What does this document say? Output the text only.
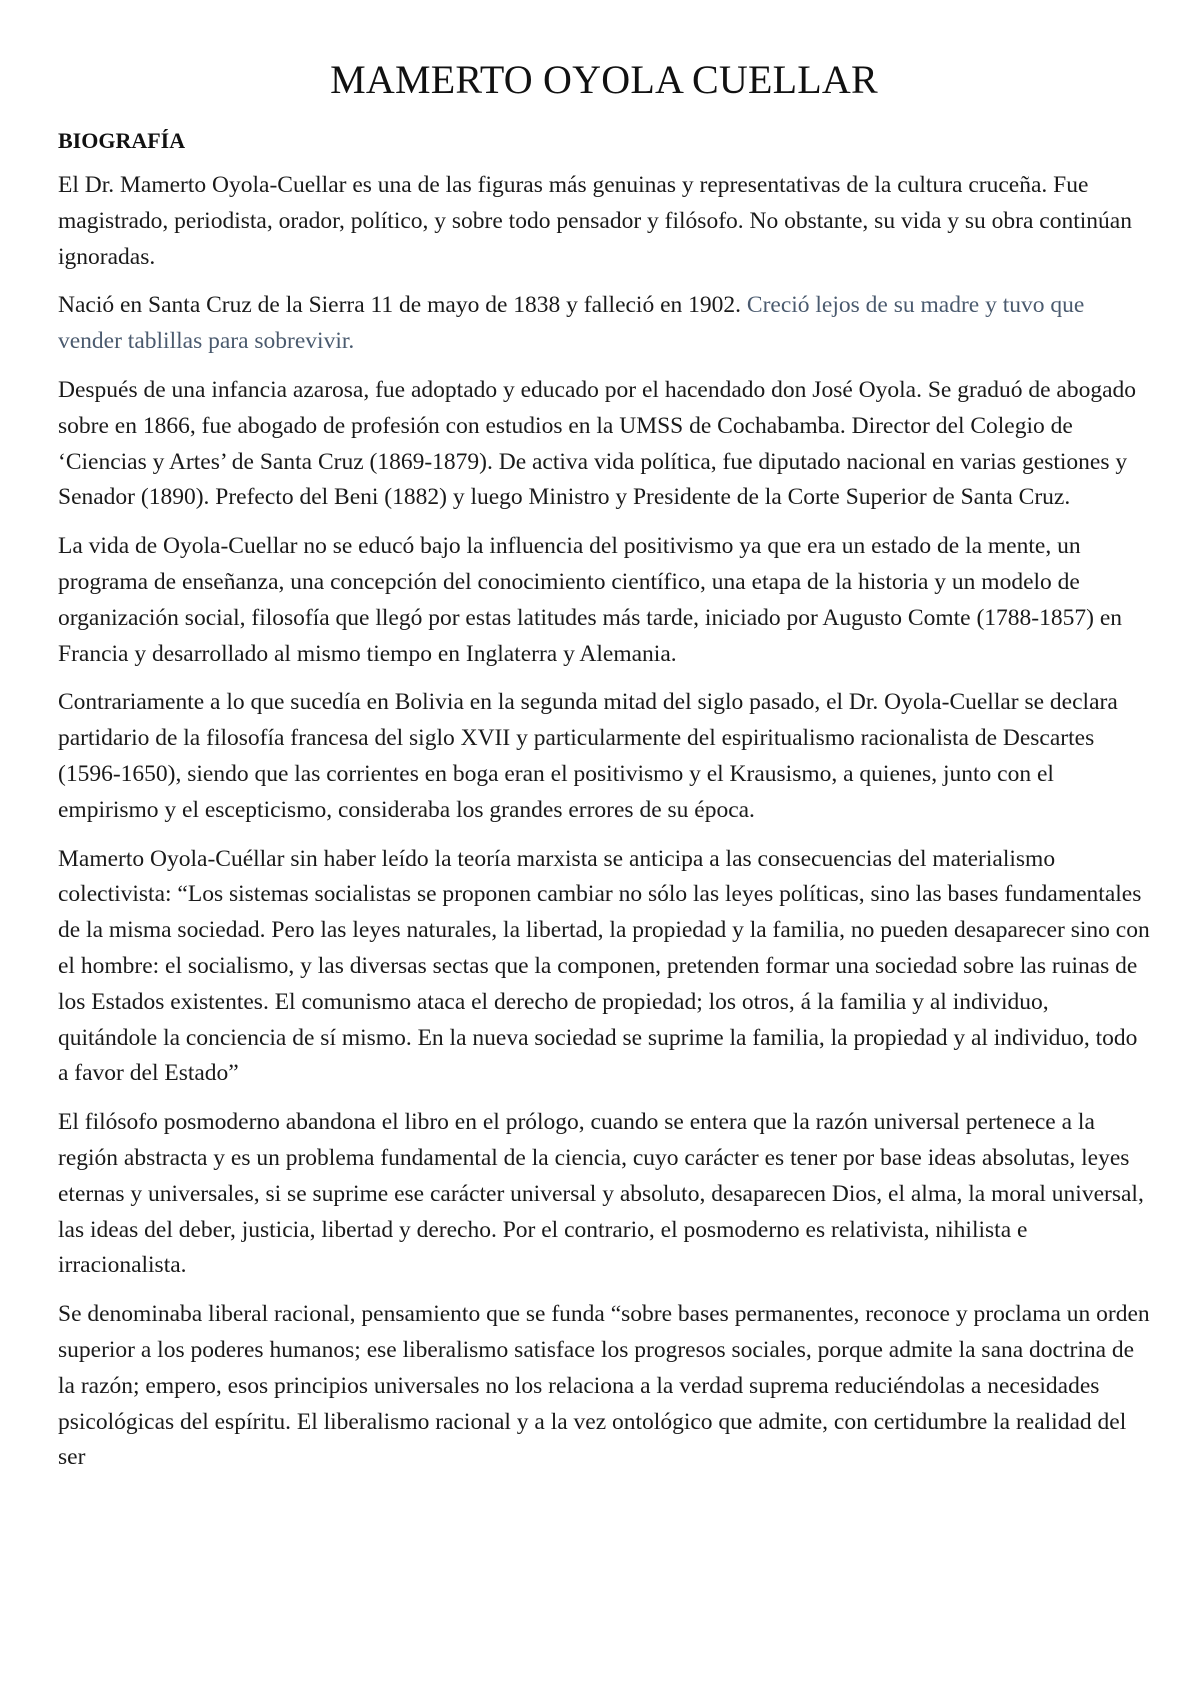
MAMERTO OYOLA CUELLAR
BIOGRAFÍA

El Dr. Mamerto Oyola-Cuellar es una de las figuras más genuinas y representativas de la cultura cruceña. Fue magistrado, periodista, orador, político, y sobre todo pensador y filósofo. No obstante, su vida y su obra continúan ignoradas.

Nació en Santa Cruz de la Sierra 11 de mayo de 1838 y falleció en 1902. Creció lejos de su madre y tuvo que vender tablillas para sobrevivir.

Después de una infancia azarosa, fue adoptado y educado por el hacendado don José Oyola. Se graduó de abogado sobre en 1866, fue abogado de profesión con estudios en la UMSS de Cochabamba. Director del Colegio de ‘Ciencias y Artes’ de Santa Cruz (1869-1879). De activa vida política, fue diputado nacional en varias gestiones y Senador (1890). Prefecto del Beni (1882) y luego Ministro y Presidente de la Corte Superior de Santa Cruz.

La vida de Oyola-Cuellar no se educó bajo la influencia del positivismo ya que era un estado de la mente, un programa de enseñanza, una concepción del conocimiento científico, una etapa de la historia y un modelo de organización social, filosofía que llegó por estas latitudes más tarde, iniciado por Augusto Comte (1788-1857) en Francia y desarrollado al mismo tiempo en Inglaterra y Alemania.

Contrariamente a lo que sucedía en Bolivia en la segunda mitad del siglo pasado, el Dr. Oyola-Cuellar se declara partidario de la filosofía francesa del siglo XVII y particularmente del espiritualismo racionalista de Descartes (1596-1650), siendo que las corrientes en boga eran el positivismo y el Krausismo, a quienes, junto con el empirismo y el escepticismo, consideraba los grandes errores de su época.

Mamerto Oyola-Cuéllar sin haber leído la teoría marxista se anticipa a las consecuencias del materialismo colectivista: “Los sistemas socialistas se proponen cambiar no sólo las leyes políticas, sino las bases fundamentales de la misma sociedad. Pero las leyes naturales, la libertad, la propiedad y la familia, no pueden desaparecer sino con el hombre: el socialismo, y las diversas sectas que la componen, pretenden formar una sociedad sobre las ruinas de los Estados existentes. El comunismo ataca el derecho de propiedad; los otros, á la familia y al individuo, quitándole la conciencia de sí mismo. En la nueva sociedad se suprime la familia, la propiedad y al individuo, todo a favor del Estado”

El filósofo posmoderno abandona el libro en el prólogo, cuando se entera que la razón universal pertenece a la región abstracta y es un problema fundamental de la ciencia, cuyo carácter es tener por base ideas absolutas, leyes eternas y universales, si se suprime ese carácter universal y absoluto, desaparecen Dios, el alma, la moral universal, las ideas del deber, justicia, libertad y derecho. Por el contrario, el posmoderno es relativista, nihilista e irracionalista.

Se denominaba liberal racional, pensamiento que se funda “sobre bases permanentes, reconoce y proclama un orden superior a los poderes humanos; ese liberalismo satisface los progresos sociales, porque admite la sana doctrina de la razón; empero, esos principios universales no los relaciona a la verdad suprema reduciéndolas a necesidades psicológicas del espíritu. El liberalismo racional y a la vez ontológico que admite, con certidumbre la realidad del ser
